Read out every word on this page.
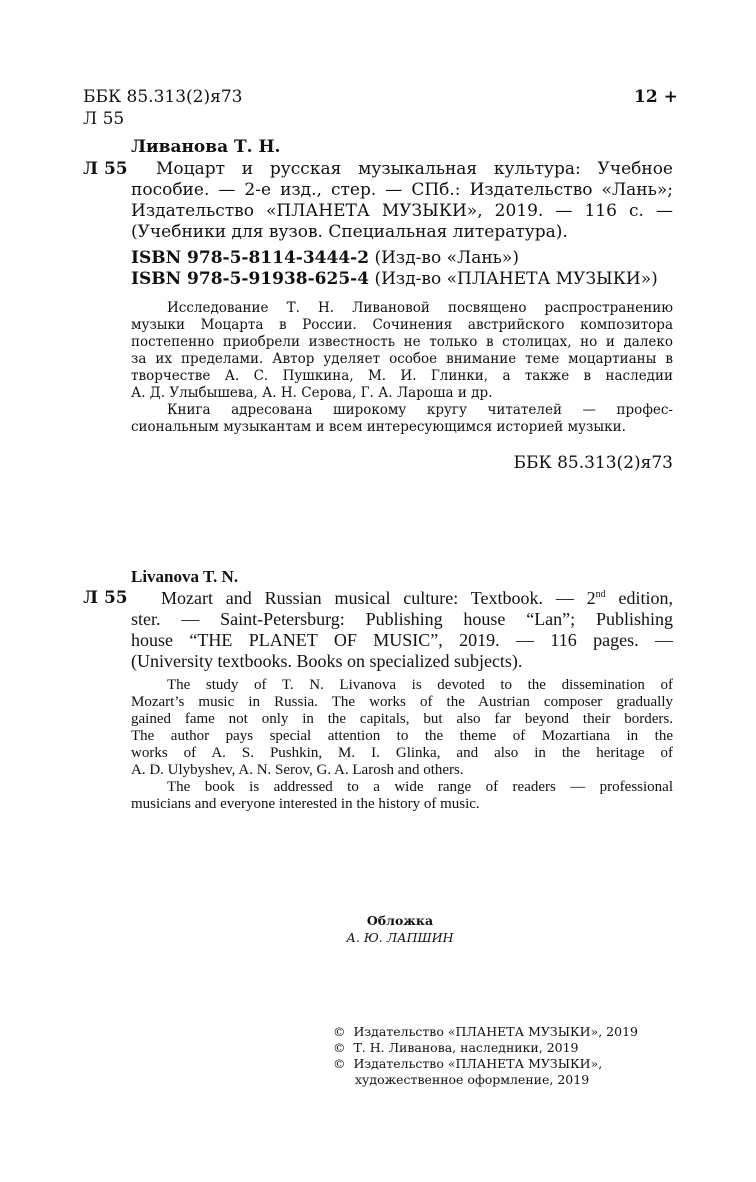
ББК 85.313(2)я73	12 +
Л 55
Ливанова Т. Н.
Л 55	Моцарт и русская музыкальная культура: Учебное
пособие. — 2-е изд., стер. — СПб.: Издательство «Лань»;
Издательство «ПЛАНЕТА МУЗЫКИ», 2019. — 116 с. —
(Учебники для вузов. Специальная литература).
ISBN 978-5-8114-3444-2 (Изд-во «Лань»)
ISBN 978-5-91938-625-4 (Изд-во «ПЛАНЕТА МУЗЫКИ»)
Исследование Т. Н. Ливановой посвящено распространению
музыки Моцарта в России. Сочинения австрийского композитора
постепенно приобрели известность не только в столицах, но и далеко
за их пределами. Автор уделяет особое внимание теме моцартианы в
творчестве А. С. Пушкина, М. И. Глинки, а также в наследии
А. Д. Улыбышева, А. Н. Серова, Г. А. Лароша и др.
Книга адресована широкому кругу читателей — профес-
сиональным музыкантам и всем интересующимся историей музыки.
ББК 85.313(2)я73
Livanova T. N.
Л 55	Mozart and Russian musical culture: Textbook. — 2nd edition,
ster. — Saint-Petersburg: Publishing house “Lan”; Publishing
house “THE PLANET OF MUSIC”, 2019. — 116 pages. —
(University textbooks. Books on specialized subjects).
The study of T. N. Livanova is devoted to the dissemination of
Mozart’s music in Russia. The works of the Austrian composer gradually
gained fame not only in the capitals, but also far beyond their borders.
The author pays special attention to the theme of Mozartiana in the
works of A. S. Pushkin, M. I. Glinka, and also in the heritage of
A. D. Ulybyshev, A. N. Serov, G. A. Larosh and others.
The book is addressed to a wide range of readers — professional
musicians and everyone interested in the history of music.
Обложка
А. Ю. ЛАПШИН
© Издательство «ПЛАНЕТА МУЗЫКИ», 2019
© Т. Н. Ливанова, наследники, 2019
© Издательство «ПЛАНЕТА МУЗЫКИ»,
художественное оформление, 2019
